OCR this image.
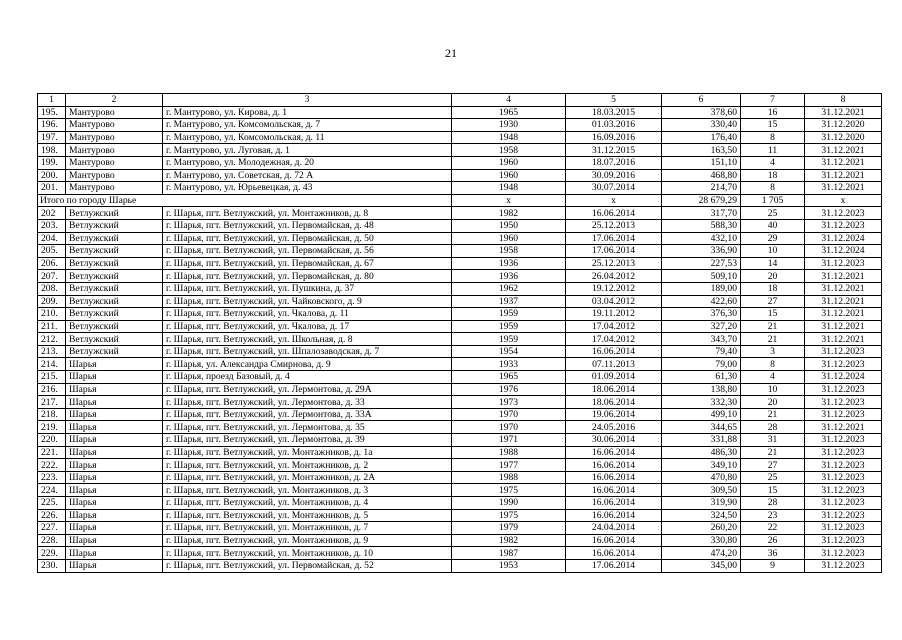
21
1	2	3	4	5	6	7	8
195.	Мантурово	г. Мантурово, ул. Кирова, д. 1	1965	18.03.2015	378,60	16	31.12.2021
196.	Мантурово	г. Мантурово, ул. Комсомольская, д. 7	1930	01.03.2016	330,40	15	31.12.2020
197.	Мантурово	г. Мантурово, ул. Комсомольская, д. 11	1948	16.09.2016	176,40	8	31.12.2020
198.	Мантурово	г. Мантурово, ул. Луговая, д. 1	1958	31.12.2015	163,50	11	31.12.2021
199.	Мантурово	г. Мантурово, ул. Молодежная, д. 20	1960	18.07.2016	151,10	4	31.12.2021
200.	Мантурово	г. Мантурово, ул. Советская, д. 72 А	1960	30.09.2016	468,80	18	31.12.2021
201.	Мантурово	г. Мантурово, ул. Юрьевецкая, д. 43	1948	30.07.2014	214,70	8	31.12.2021
Итого по городу Шарье			х	х	28 679,29	1 705	х
202	Ветлужский	г. Шарья, пгт. Ветлужский, ул. Монтажников, д. 8	1982	16.06.2014	317,70	25	31.12.2023
203.	Ветлужский	г. Шарья, пгт. Ветлужский, ул. Первомайская, д. 48	1950	25.12.2013	588,30	40	31.12.2023
204.	Ветлужский	г. Шарья, пгт. Ветлужский, ул. Первомайская, д. 50	1960	17.06.2014	432,10	29	31.12.2024
205.	Ветлужский	г. Шарья, пгт. Ветлужский, ул. Первомайская, д. 56	1958	17.06.2014	336,90	10	31.12.2024
206.	Ветлужский	г. Шарья, пгт. Ветлужский, ул. Первомайская, д. 67	1936	25.12.2013	227,53	14	31.12.2023
207.	Ветлужский	г. Шарья, пгт. Ветлужский, ул. Первомайская, д. 80	1936	26.04.2012	509,10	20	31.12.2021
208.	Ветлужский	г. Шарья, пгт. Ветлужский, ул. Пушкина, д. 37	1962	19.12.2012	189,00	18	31.12.2021
209.	Ветлужский	г. Шарья, пгт. Ветлужский, ул. Чайковского, д. 9	1937	03.04.2012	422,60	27	31.12.2021
210.	Ветлужский	г. Шарья, пгт. Ветлужский, ул. Чкалова, д. 11	1959	19.11.2012	376,30	15	31.12.2021
211.	Ветлужский	г. Шарья, пгт. Ветлужский, ул. Чкалова, д. 17	1959	17.04.2012	327,20	21	31.12.2021
212.	Ветлужский	г. Шарья, пгт. Ветлужский, ул. Школьная, д. 8	1959	17.04.2012	343,70	21	31.12.2021
213.	Ветлужский	г. Шарья, пгт. Ветлужский, ул. Шпалозаводская, д. 7	1954	16.06.2014	79,40	3	31.12.2023
214.	Шарья	г. Шарья, ул. Александра Смирнова, д. 9	1933	07.11.2013	79,00	8	31.12.2023
215.	Шарья	г. Шарья, проезд Базовый, д. 4	1965	01.09.2014	61,30	4	31.12.2024
216.	Шарья	г. Шарья, пгт. Ветлужский, ул. Лермонтова, д. 29А	1976	18.06.2014	138,80	10	31.12.2023
217.	Шарья	г. Шарья, пгт. Ветлужский, ул. Лермонтова, д. 33	1973	18.06.2014	332,30	20	31.12.2023
218.	Шарья	г. Шарья, пгт. Ветлужский, ул. Лермонтова, д. 33А	1970	19.06.2014	499,10	21	31.12.2023
219.	Шарья	г. Шарья, пгт. Ветлужский, ул. Лермонтова, д. 35	1970	24.05.2016	344,65	28	31.12.2021
220.	Шарья	г. Шарья, пгт. Ветлужский, ул. Лермонтова, д. 39	1971	30.06.2014	331,88	31	31.12.2023
221.	Шарья	г. Шарья, пгт. Ветлужский, ул. Монтажников, д. 1а	1988	16.06.2014	486,30	21	31.12.2023
222.	Шарья	г. Шарья, пгт. Ветлужский, ул. Монтажников, д. 2	1977	16.06.2014	349,10	27	31.12.2023
223.	Шарья	г. Шарья, пгт. Ветлужский, ул. Монтажников, д. 2А	1988	16.06.2014	470,80	25	31.12.2023
224.	Шарья	г. Шарья, пгт. Ветлужский, ул. Монтажников, д. 3	1975	16.06.2014	309,50	15	31.12.2023
225.	Шарья	г. Шарья, пгт. Ветлужский, ул. Монтажников, д. 4	1990	16.06.2014	319,90	28	31.12.2023
226.	Шарья	г. Шарья, пгт. Ветлужский, ул. Монтажников, д. 5	1975	16.06.2014	324,50	23	31.12.2023
227.	Шарья	г. Шарья, пгт. Ветлужский, ул. Монтажников, д. 7	1979	24.04.2014	260,20	22	31.12.2023
228.	Шарья	г. Шарья, пгт. Ветлужский, ул. Монтажников, д. 9	1982	16.06.2014	330,80	26	31.12.2023
229.	Шарья	г. Шарья, пгт. Ветлужский, ул. Монтажников, д. 10	1987	16.06.2014	474,20	36	31.12.2023
230.	Шарья	г. Шарья, пгт. Ветлужский, ул. Первомайская, д. 52	1953	17.06.2014	345,00	9	31.12.2023
